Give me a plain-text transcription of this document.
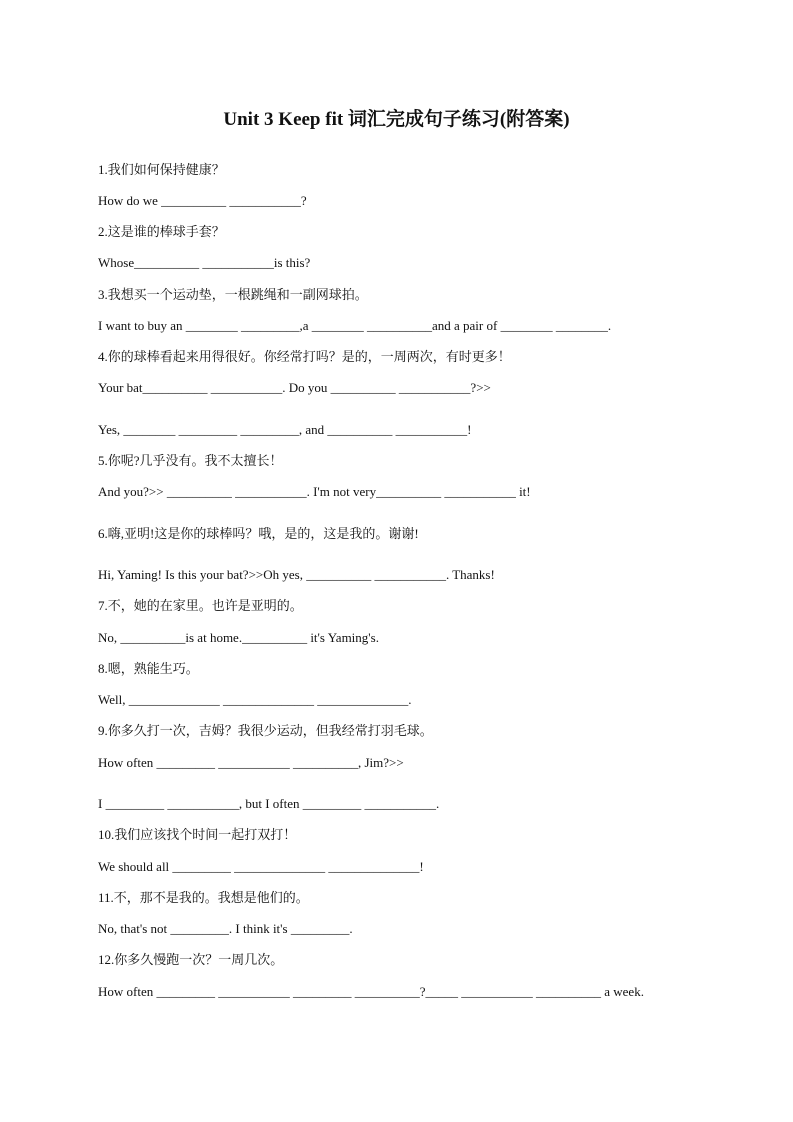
Unit 3 Keep fit 词汇完成句子练习(附答案)

1.我们如何保持健康？

How do we __________ ___________?

2.这是谁的棒球手套？

Whose__________ ___________is this?

3.我想买一个运动垫，一根跳绳和一副网球拍。

I want to buy an ________ _________,a ________ __________and a pair of ________ ________.

4.你的球棒看起来用得很好。你经常打吗？是的，一周两次，有时更多！

Your bat__________ ___________. Do you __________ ___________?>>

Yes, ________ _________ _________, and __________ ___________!

5.你呢?几乎没有。我不太擅长！

And you?>> __________ ___________. I'm not very__________ ___________ it!

6.嗨,亚明!这是你的球棒吗？哦，是的，这是我的。谢谢!

Hi, Yaming! Is this your bat?>>Oh yes, __________ ___________. Thanks!

7.不，她的在家里。也许是亚明的。

No, __________is at home.__________ it's Yaming's.

8.嗯，熟能生巧。

Well, ______________ ______________ ______________.

9.你多久打一次，吉姆？我很少运动，但我经常打羽毛球。

How often _________ ___________ __________, Jim?>>

I _________ ___________, but I often _________ ___________.

10.我们应该找个时间一起打双打！

We should all _________ ______________ ______________!

11.不，那不是我的。我想是他们的。

No, that's not _________. I think it's _________.

12.你多久慢跑一次？一周几次。

How often _________ ___________ _________ __________?_____ ___________ __________ a week.
